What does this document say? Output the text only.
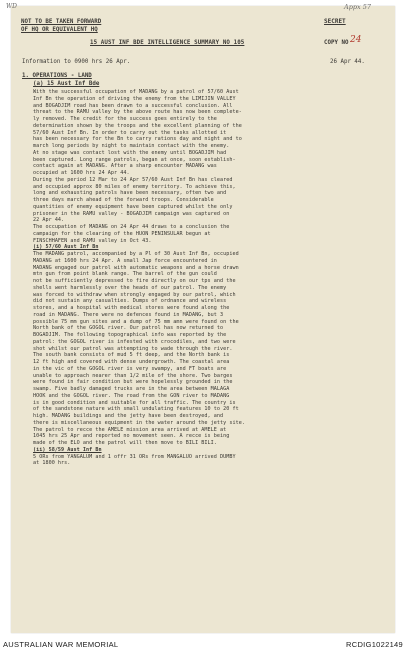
WD	Appx 57
NOT TO BE TAKEN FORWARD
OF HQ OR EQUIVALENT HQ
SECRET
15 AUST INF BDE INTELLIGENCE SUMMARY NO 105	COPY NO 24
Information to 0900 hrs 26 Apr.	26 Apr 44.
1. OPERATIONS - LAND
(a) 15 Aust Inf Bde
With the successful occupation of MADANG by a patrol of 57/60 Aust
Inf Bn the operation of driving the enemy from the LIMIJIN VALLEY
and BOGADJIM road has been drawn to a successful conclusion. All
threat to the RAMU valley by the above route has now been complete-
ly removed. The credit for the success goes entirely to the
determination shown by the troops and the excellent planning of the
57/60 Aust Inf Bn. In order to carry out the tasks allotted it
has been necessary for the Bn to carry rations day and night and to
march long periods by night to maintain contact with the enemy.
At no stage was contact lost with the enemy until BOGADJIM had
been captured. Long range patrols, began at once, soon establish-
contact again at MADANG. After a sharp encounter MADANG was
occupied at 1600 hrs 24 Apr 44.
During the period 12 Mar to 24 Apr 57/60 Aust Inf Bn has cleared
and occupied approx 80 miles of enemy territory. To achieve this,
long and exhausting patrols have been necessary, often two and
three days march ahead of the forward troops. Considerable
quantities of enemy equipment have been captured whilst the only
prisoner in the RAMU valley - BOGADJIM campaign was captured on
22 Apr 44.
The occupation of MADANG on 24 Apr 44 draws to a conclusion the
campaign for the clearing of the HUON PENINSULAR begun at
FINSCHHAFEN and RAMU valley in Oct 43.
(i) 57/60 Aust Inf Bn
The MADANG patrol, accompanied by a Pl of 30 Aust Inf Bn, occupied
MADANG at 1600 hrs 24 Apr. A small Jap force encountered in
MADANG engaged our patrol with automatic weapons and a horse drawn
mtn gun from point blank range. The barrel of the gun could
not be sufficiently depressed to fire directly on our tps and the
shells went harmlessly over the heads of our patrol. The enemy
was forced to withdraw when strongly engaged by our patrol, which
did not sustain any casualties. Dumps of ordnance and wireless
stores, and a hospital with medical stores were found along the
road in MADANG. There were no defences found in MADANG, but 3
possible 75 mm gun sites and a dump of 75 mm amn were found on the
North bank of the GOGOL river. Our patrol has now returned to
BOGADJIM. The following topographical info was reported by the
patrol: the GOGOL river is infested with crocodiles, and two were
shot whilst our patrol was attempting to wade through the river.
The south bank consists of mud 5 ft deep, and the North bank is
12 ft high and covered with dense undergrowth. The coastal area
in the vic of the GOGOL river is very swampy, and FT boats are
unable to approach nearer than 1/2 mile of the shore. Two barges
were found in fair condition but were hopelessly grounded in the
swamp. Five badly damaged trucks are in the area between MALAGA
HOOK and the GOGOL river. The road from the GON river to MADANG
is in good condition and suitable for all traffic. The country is
of the sandstone nature with small undulating features 10 to 20 ft
high. MADANG buildings and the jetty have been destroyed, and
there is miscellaneous equipment in the water around the jetty site.
The patrol to recce the AMELE mission area arrived at AMELE at
1045 hrs 25 Apr and reported no movement seen. A recce is being
made of the ELO and the patrol will then move to BILI BILI.
(ii) 58/59 Aust Inf Bn
5 ORs from YANGALUM and 1 offr 31 ORs from MANGALUO arrived DUMBY
at 1800 hrs.
AUSTRALIAN WAR MEMORIAL	RCDIG1022149
